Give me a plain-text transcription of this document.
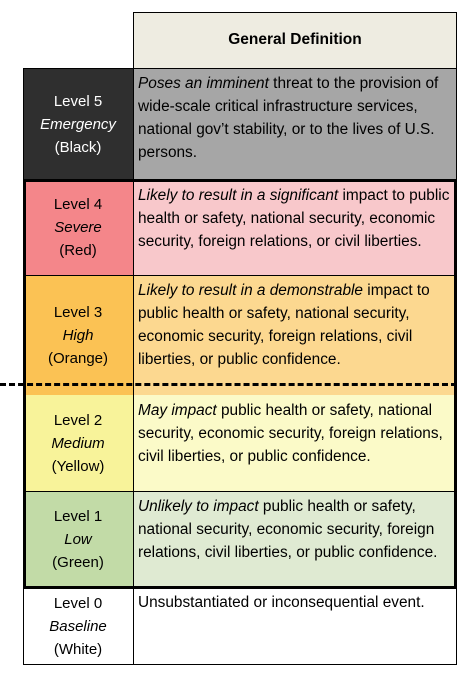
General Definition
Level 5
Emergency
(Black)
Poses an imminent threat to the provision of wide-scale critical infrastructure services, national gov’t stability, or to the lives of U.S. persons.
Level 4
Severe
(Red)
Likely to result in a significant impact to public health or safety, national security, economic security, foreign relations, or civil liberties.
Level 3
High
(Orange)
Likely to result in a demonstrable impact to public health or safety, national security, economic security, foreign relations, civil liberties, or public confidence.
Level 2
Medium
(Yellow)
May impact public health or safety, national security, economic security, foreign relations, civil liberties, or public confidence.
Level 1
Low
(Green)
Unlikely to impact public health or safety, national security, economic security, foreign relations, civil liberties, or public confidence.
Level 0
Baseline
(White)
Unsubstantiated or inconsequential event.
